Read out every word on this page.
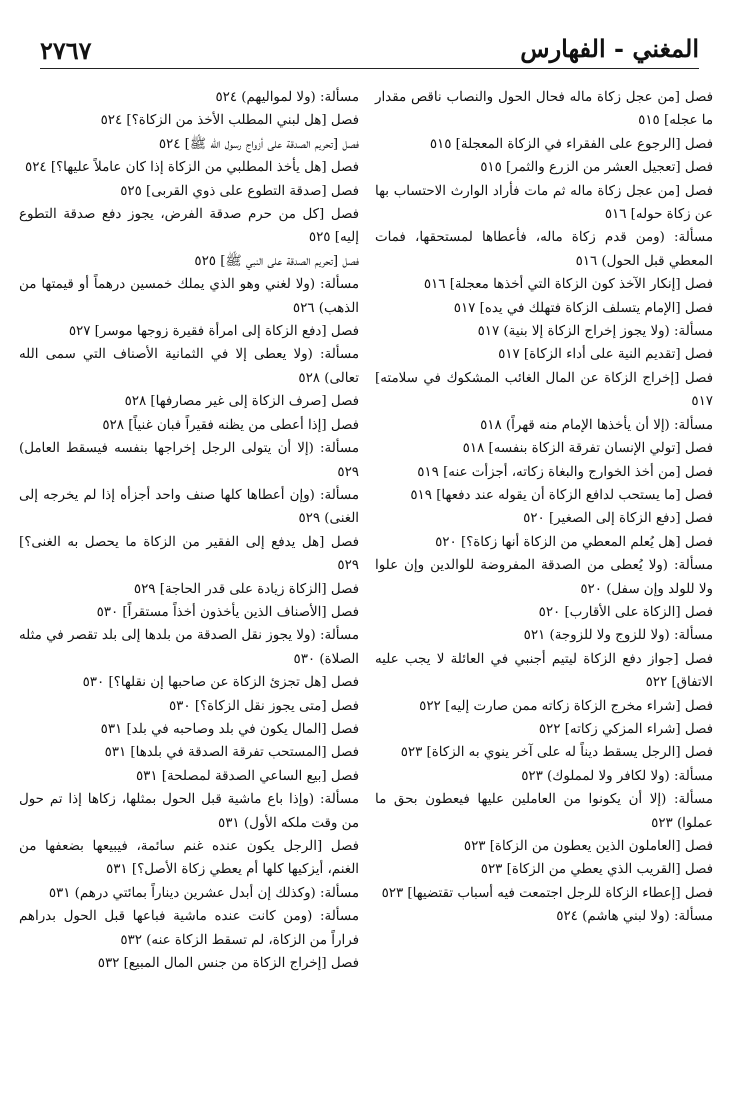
٢٧٦٧	المغني - الفهارس

فصل [من عجل زكاة ماله فحال الحول والنصاب ناقص مقدار ما عجله] ٥١٥

فصل [الرجوع على الفقراء في الزكاة المعجلة] ٥١٥

فصل [تعجيل العشر من الزرع والثمر] ٥١٥

فصل [من عجل زكاة ماله ثم مات فأراد الوارث الاحتساب بها عن زكاة حوله] ٥١٦

مسألة: (ومن قدم زكاة ماله، فأعطاها لمستحقها، فمات المعطي قبل الحول) ٥١٦

فصل [إنكار الآخذ كون الزكاة التي أخذها معجلة] ٥١٦

فصل [الإمام يتسلف الزكاة فتهلك في يده] ٥١٧

مسألة: (ولا يجوز إخراج الزكاة إلا بنية) ٥١٧

فصل [تقديم النية على أداء الزكاة] ٥١٧

فصل [إخراج الزكاة عن المال الغائب المشكوك في سلامته] ٥١٧

مسألة: (إلا أن يأخذها الإمام منه قهراً) ٥١٨

فصل [تولي الإنسان تفرقة الزكاة بنفسه] ٥١٨

فصل [من أخذ الخوارج والبغاة زكاته، أجزأت عنه] ٥١٩

فصل [ما يستحب لدافع الزكاة أن يقوله عند دفعها] ٥١٩

فصل [دفع الزكاة إلى الصغير] ٥٢٠

فصل [هل يُعلم المعطي من الزكاة أنها زكاة؟] ٥٢٠

مسألة: (ولا يُعطى من الصدقة المفروضة للوالدين وإن علوا ولا للولد وإن سفل) ٥٢٠

فصل [الزكاة على الأقارب] ٥٢٠

مسألة: (ولا للزوج ولا للزوجة) ٥٢١

فصل [جواز دفع الزكاة ليتيم أجنبي في العائلة لا يجب عليه الاتفاق] ٥٢٢

فصل [شراء مخرج الزكاة زكاته ممن صارت إليه] ٥٢٢

فصل [شراء المزكي زكاته] ٥٢٢

فصل [الرجل يسقط ديناً له على آخر ينوي به الزكاة] ٥٢٣

مسألة: (ولا لكافر ولا لمملوك) ٥٢٣

مسألة: (إلا أن يكونوا من العاملين عليها فيعطون بحق ما عملوا) ٥٢٣

فصل [العاملون الذين يعطون من الزكاة] ٥٢٣

فصل [القريب الذي يعطي من الزكاة] ٥٢٣

فصل [إعطاء الزكاة للرجل اجتمعت فيه أسباب تقتضيها] ٥٢٣

مسألة: (ولا لبني هاشم) ٥٢٤

مسألة: (ولا لمواليهم) ٥٢٤

فصل [هل لبني المطلب الأخذ من الزكاة؟] ٥٢٤

فصل [تحريم الصدقة على أزواج رسول الله ﷺ] ٥٢٤

فصل [هل يأخذ المطلبي من الزكاة إذا كان عاملاً عليها؟] ٥٢٤

فصل [صدقة التطوع على ذوي القربى] ٥٢٥

فصل [كل من حرم صدقة الفرض، يجوز دفع صدقة التطوع إليه] ٥٢٥

فصل [تحريم الصدقة على النبي ﷺ] ٥٢٥

مسألة: (ولا لغني وهو الذي يملك خمسين درهماً أو قيمتها من الذهب) ٥٢٦

فصل [دفع الزكاة إلى امرأة فقيرة زوجها موسر] ٥٢٧

مسألة: (ولا يعطى إلا في الثمانية الأصناف التي سمى الله تعالى) ٥٢٨

فصل [صرف الزكاة إلى غير مصارفها] ٥٢٨

فصل [إذا أعطى من يظنه فقيراً فبان غنياً] ٥٢٨

مسألة: (إلا أن يتولى الرجل إخراجها بنفسه فيسقط العامل) ٥٢٩

مسألة: (وإن أعطاها كلها صنف واحد أجزأه إذا لم يخرجه إلى الغنى) ٥٢٩

فصل [هل يدفع إلى الفقير من الزكاة ما يحصل به الغنى؟] ٥٢٩

فصل [الزكاة زيادة على قدر الحاجة] ٥٢٩

فصل [الأصناف الذين يأخذون أخذاً مستقراً] ٥٣٠

مسألة: (ولا يجوز نقل الصدقة من بلدها إلى بلد تقصر في مثله الصلاة) ٥٣٠

فصل [هل تجزئ الزكاة عن صاحبها إن نقلها؟] ٥٣٠

فصل [متى يجوز نقل الزكاة؟] ٥٣٠

فصل [المال يكون في بلد وصاحبه في بلد] ٥٣١

فصل [المستحب تفرقة الصدقة في بلدها] ٥٣١

فصل [بيع الساعي الصدقة لمصلحة] ٥٣١

مسألة: (وإذا باع ماشية قبل الحول بمثلها، زكاها إذا تم حول من وقت ملكه الأول) ٥٣١

فصل [الرجل يكون عنده غنم سائمة، فيبيعها بضعفها من الغنم، أيزكيها كلها أم يعطي زكاة الأصل؟] ٥٣١

مسألة: (وكذلك إن أبدل عشرين ديناراً بمائتي درهم) ٥٣١

مسألة: (ومن كانت عنده ماشية فباعها قبل الحول بدراهم فراراً من الزكاة، لم تسقط الزكاة عنه) ٥٣٢

فصل [إخراج الزكاة من جنس المال المبيع] ٥٣٢
